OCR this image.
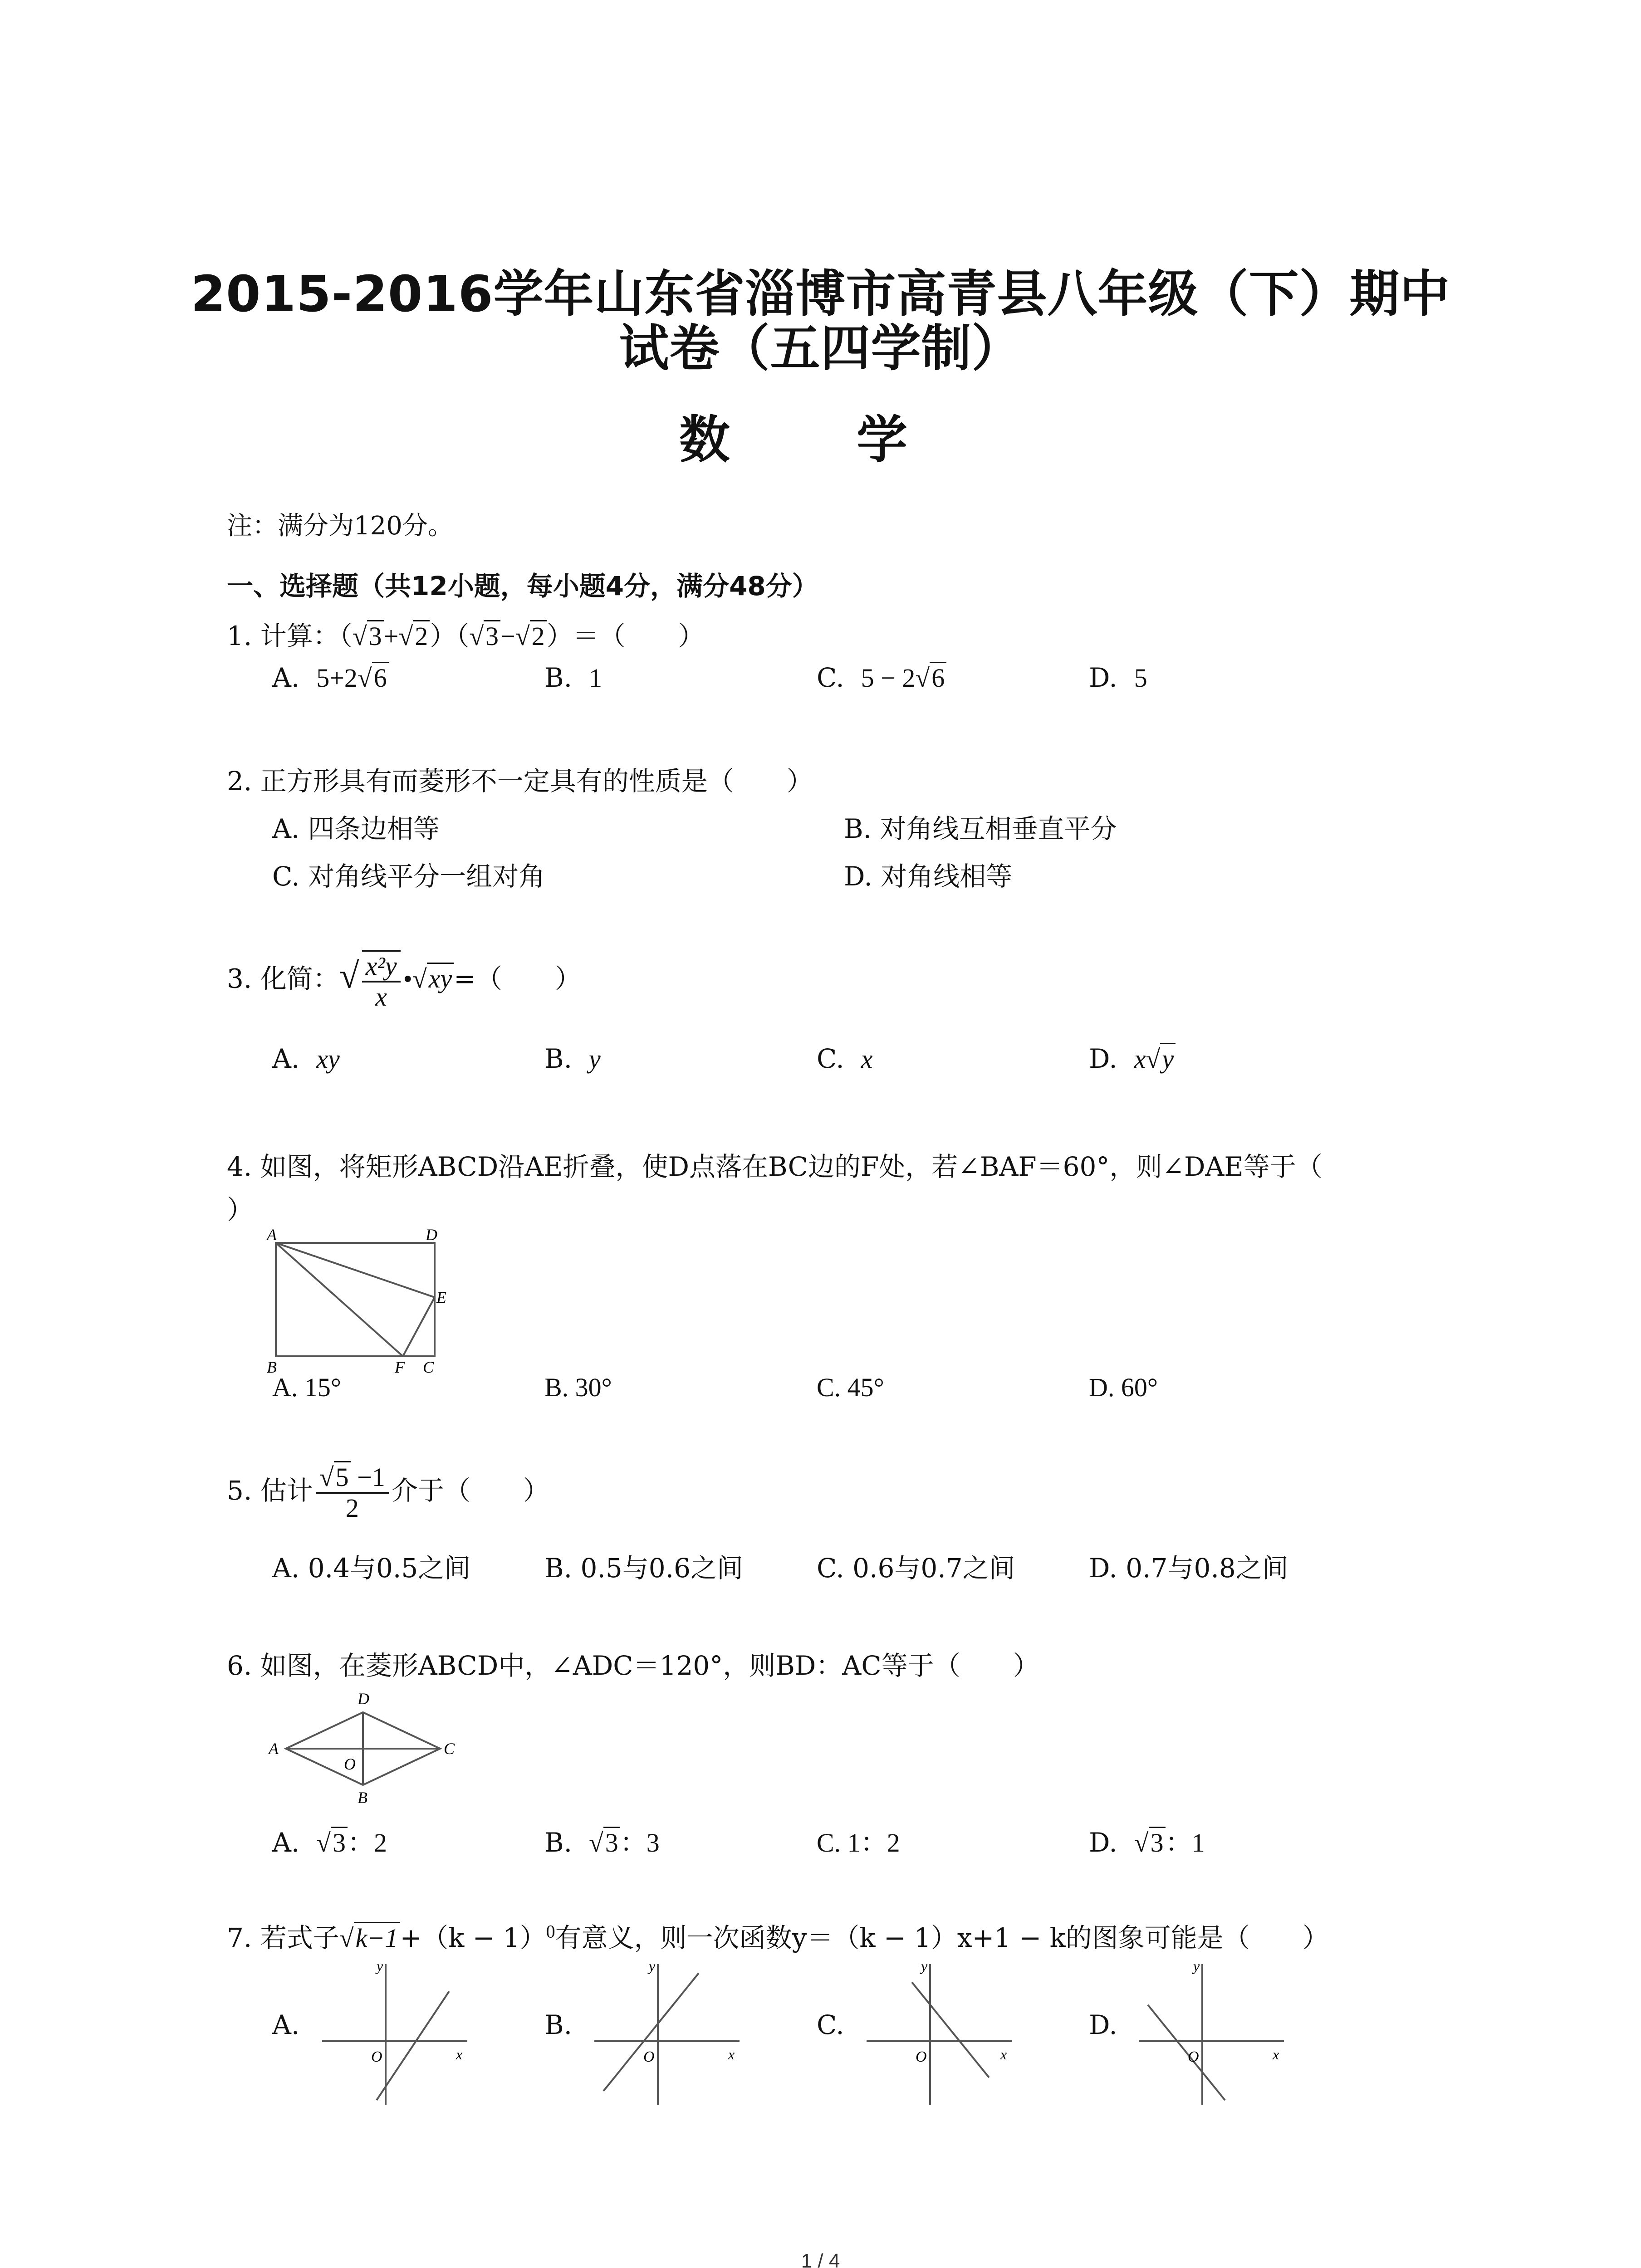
2015-2016学年山东省淄博市高青县八年级（下）期中
试卷（五四学制）
数 学
注：满分为120分。
一、选择题（共12小题，每小题4分，满分48分）
1. 计算：（√3+√2）（√3−√2）＝（　　）
A. 5+2√6	B. 1	C. 5 − 2√6	D. 5
2. 正方形具有而菱形不一定具有的性质是（　　）
A. 四条边相等	B. 对角线互相垂直平分
C. 对角线平分一组对角	D. 对角线相等
3. 化简：√ $\frac{\text{x²y}}{x}$ •√xy=（　　）
A. xy	B. y	C. x	D. x√y
4. 如图，将矩形ABCD沿AE折叠，使D点落在BC边的F处，若∠BAF＝60°，则∠DAE等于（
）
A	D
E
B	F C
A. 15°	B. 30°	C. 45°	D. 60°
5. 估计 $\frac{√5 -1}{2}$ 介于（　　）
A. 0.4与0.5之间	B. 0.5与0.6之间	C. 0.6与0.7之间	D. 0.7与0.8之间
6. 如图，在菱形ABCD中，∠ADC＝120°，则BD：AC等于（　　）
A
D
C
B
O
A. √3：2	B. √3：3	C. 1：2	D. √3：1
7. 若式子$√k-1+(k - 1)^0$有意义，则一次函数y＝（k − 1）x+1 − k的图象可能是（　　）
A.	B.	C.	D.
y
x
O
y
x
O
y
x
O
y
x
O
1 / 4
